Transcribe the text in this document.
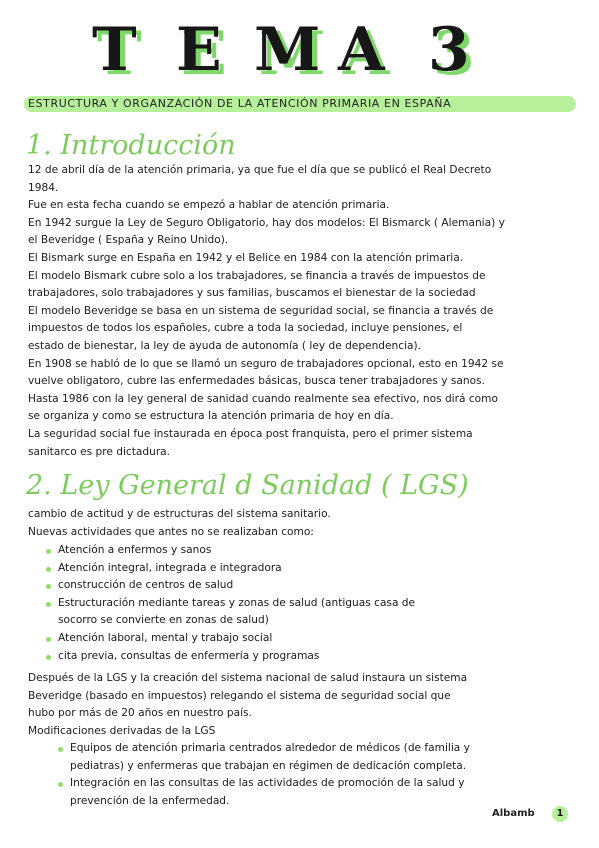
T E M A 3
ESTRUCTURA Y ORGANZACIÓN DE LA ATENCIÓN PRIMARIA EN ESPAÑA
1. Introducción
12 de abril día de la atención primaria, ya que fue el día que se publicó el Real Decreto
1984.
Fue en esta fecha cuando se empezó a hablar de atención primaria.
En 1942 surgue la Ley de Seguro Obligatorio, hay dos modelos: El Bismarck ( Alemania) y
el Beveridge ( España y Reino Unido).
El Bismark surge en España en 1942 y el Belice en 1984 con la atención primaria.
El modelo Bismark cubre solo a los trabajadores, se financia a través de impuestos de
trabajadores, solo trabajadores y sus familias, buscamos el bienestar de la sociedad
El modelo Beveridge se basa en un sistema de seguridad social, se financia a través de
impuestos de todos los españoles, cubre a toda la sociedad, incluye pensiones, el
estado de bienestar, la ley de ayuda de autonomía ( ley de dependencia).
En 1908 se habló de lo que se llamó un seguro de trabajadores opcional, esto en 1942 se
vuelve obligatoro, cubre las enfermedades básicas, busca tener trabajadores y sanos.
Hasta 1986 con la ley general de sanidad cuando realmente sea efectivo, nos dirá como
se organiza y como se estructura la atención primaria de hoy en día.
La seguridad social fue instaurada en época post franquista, pero el primer sistema
sanitarco es pre dictadura.
2. Ley General d Sanidad ( LGS)
cambio de actitud y de estructuras del sistema sanitario.
Nuevas actividades que antes no se realizaban como:
Atención a enfermos y sanos
Atención integral, integrada e integradora
construcción de centros de salud
Estructuración mediante tareas y zonas de salud (antiguas casa de
socorro se convierte en zonas de salud)
Atención laboral, mental y trabajo social
cita previa, consultas de enfermería y programas
Después de la LGS y la creación del sistema nacional de salud instaura un sistema
Beveridge (basado en impuestos) relegando el sistema de seguridad social que
hubo por más de 20 años en nuestro país.
Modificaciones derivadas de la LGS
Equipos de atención primaria centrados alrededor de médicos (de familia y
pediatras) y enfermeras que trabajan en régimen de dedicación completa.
Integración en las consultas de las actividades de promoción de la salud y
prevención de la enfermedad.
Albamb	1
